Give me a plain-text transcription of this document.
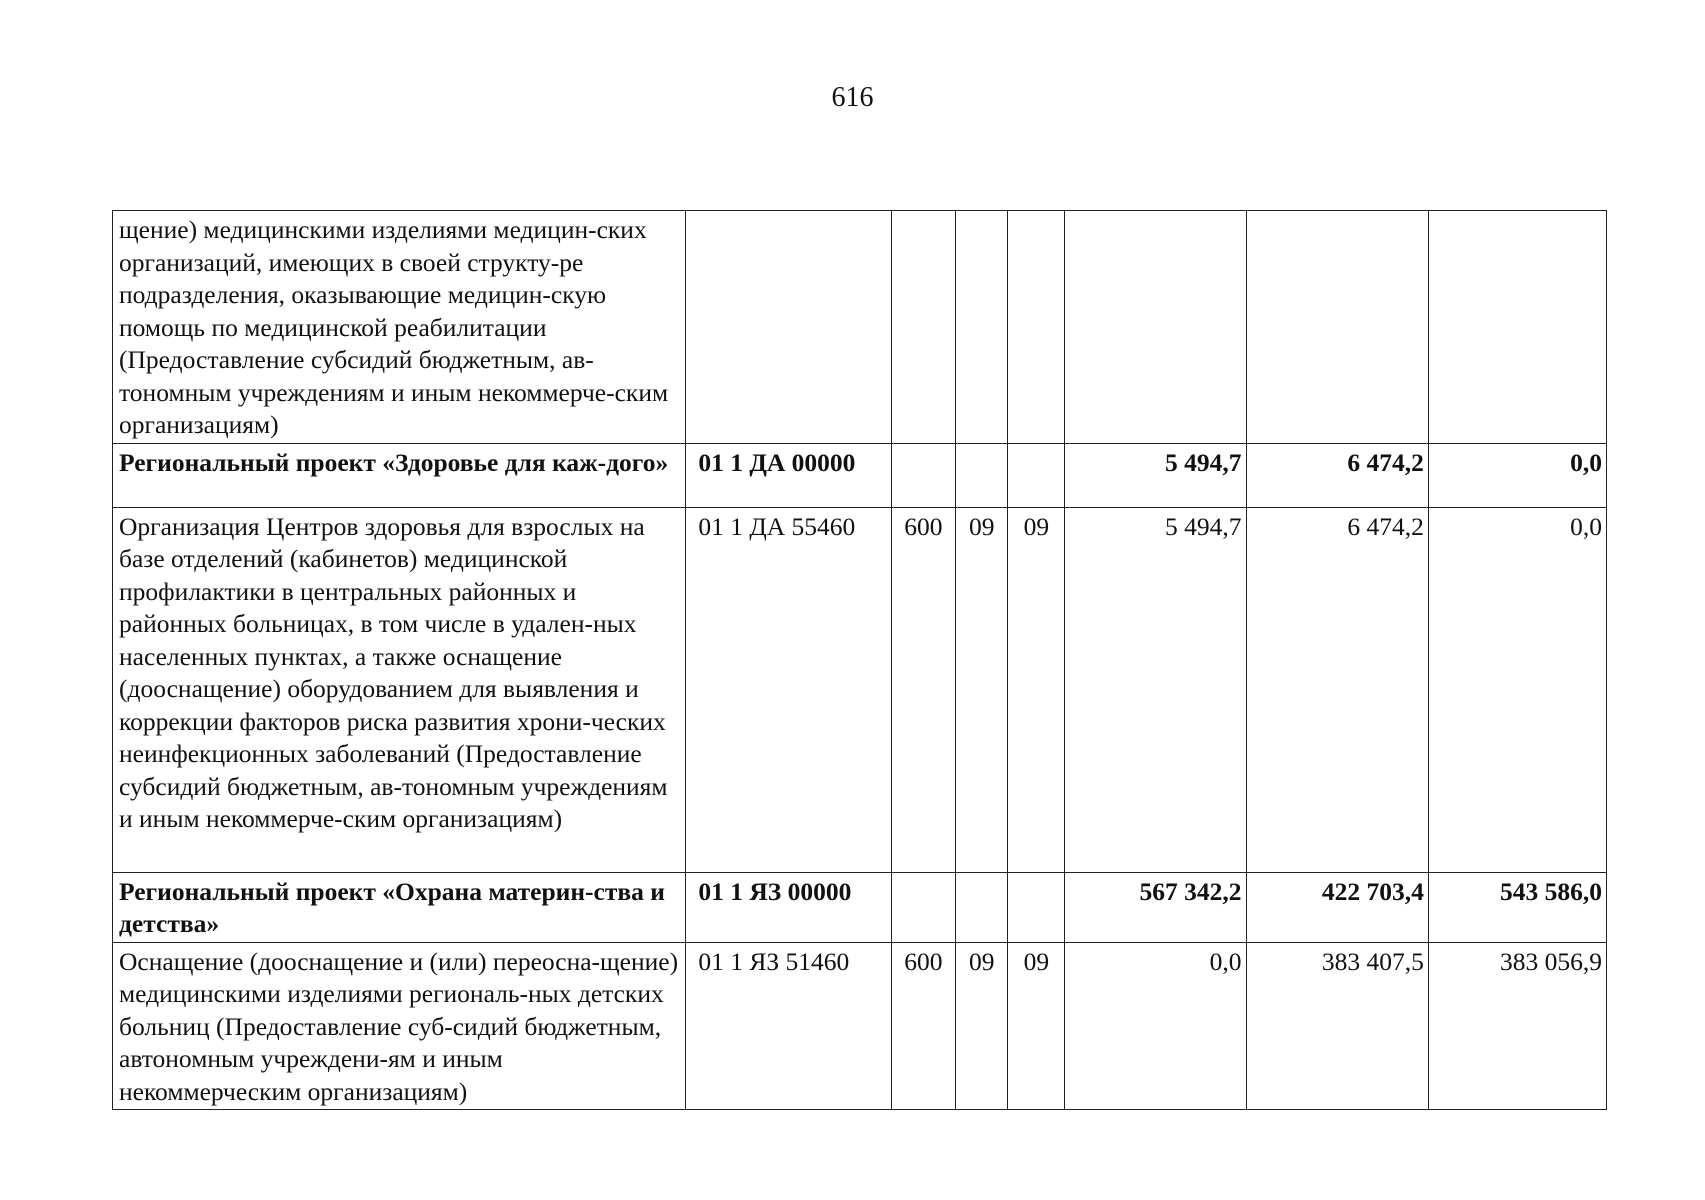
616
щение) медицинскими изделиями медицин-ских организаций, имеющих в своей структу-ре подразделения, оказывающие медицин-скую помощь по медицинской реабилитации (Предоставление субсидий бюджетным, ав-тономным учреждениям и иным некоммерче-ским организациям)							
Региональный проект «Здоровье для каж-дого»	01 1 ДА 00000				5 494,7	6 474,2	0,0
Организация Центров здоровья для взрослых на базе отделений (кабинетов) медицинской профилактики в центральных районных и районных больницах, в том числе в удален-ных населенных пунктах, а также оснащение (дооснащение) оборудованием для выявления и коррекции факторов риска развития хрони-ческих неинфекционных заболеваний (Предоставление субсидий бюджетным, ав-тономным учреждениям и иным некоммерче-ским организациям)	01 1 ДА 55460	600	09	09	5 494,7	6 474,2	0,0
Региональный проект «Охрана материн-ства и детства»	01 1 ЯЗ 00000				567 342,2	422 703,4	543 586,0
Оснащение (дооснащение и (или) переосна-щение) медицинскими изделиями региональ-ных детских больниц (Предоставление суб-сидий бюджетным, автономным учреждени-ям и иным некоммерческим организациям)	01 1 ЯЗ 51460	600	09	09	0,0	383 407,5	383 056,9
